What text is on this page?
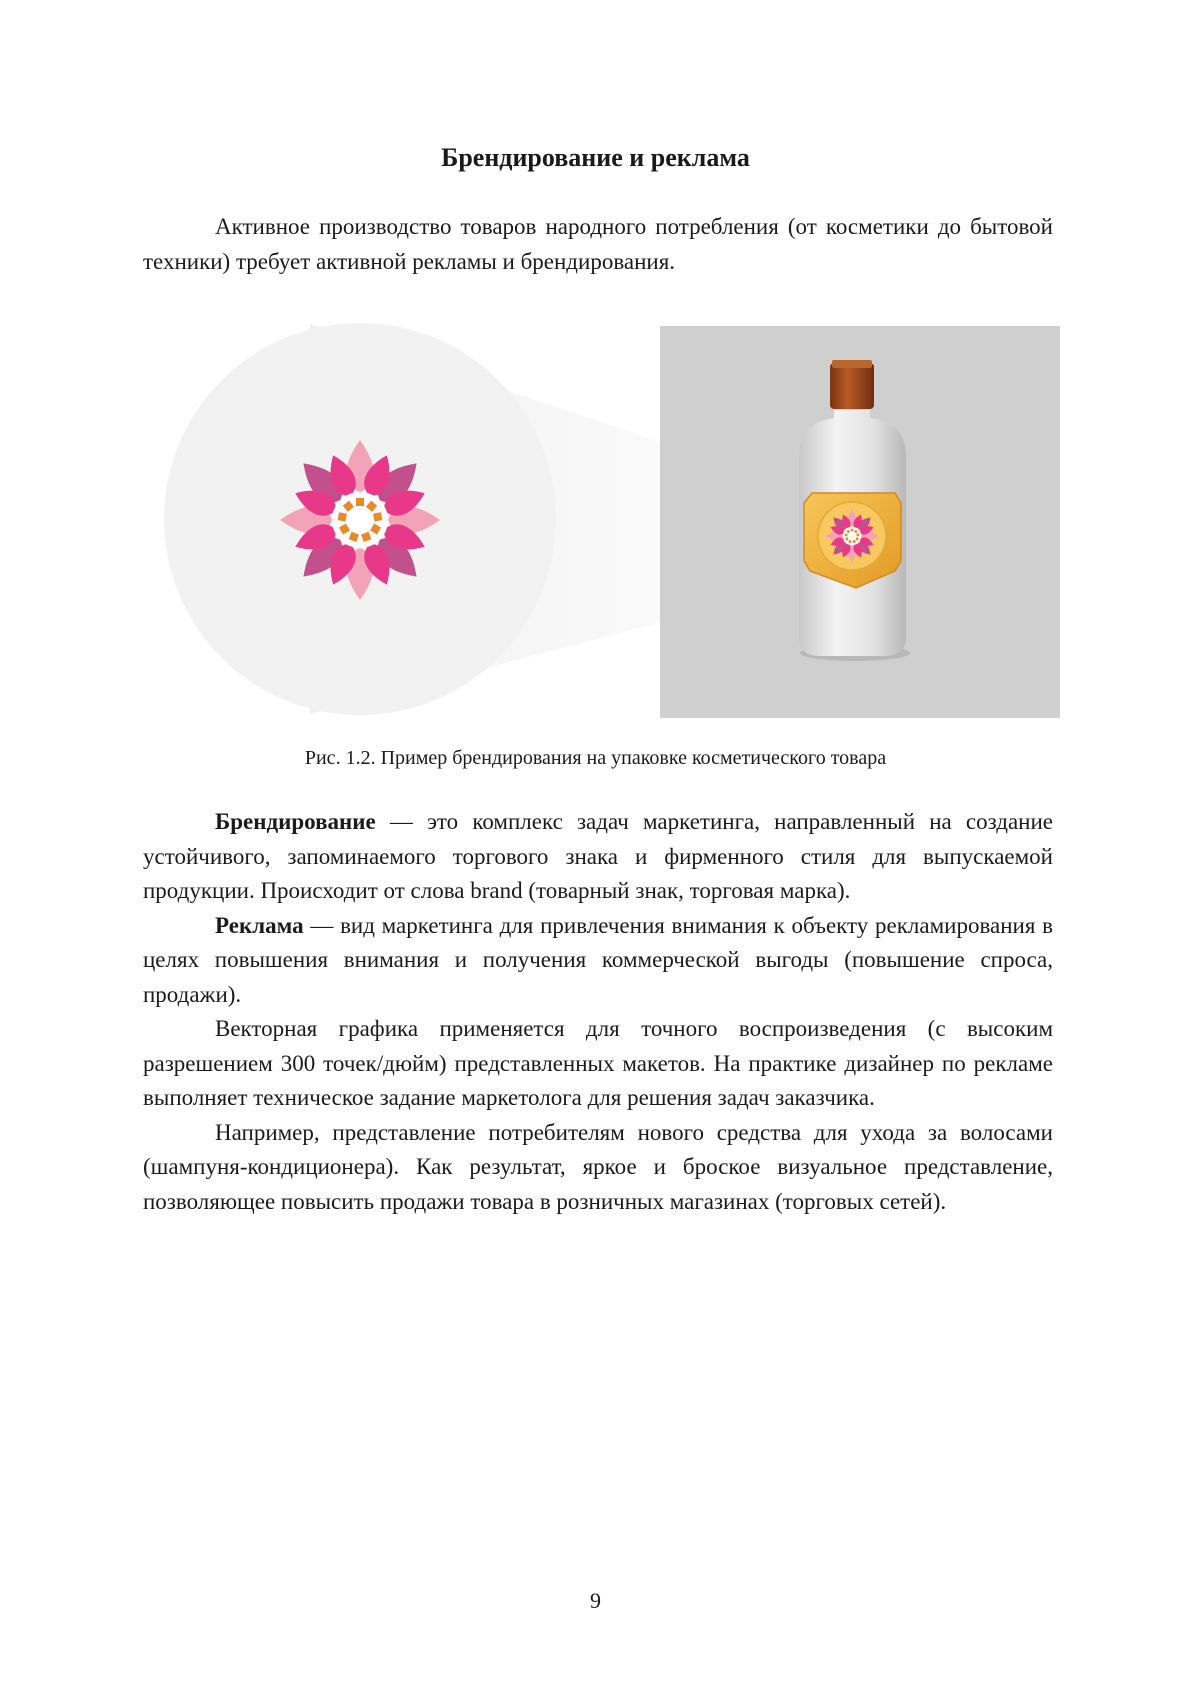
Брендирование и реклама

Активное производство товаров народного потребления (от косметики до бытовой техники) требует активной рекламы и брендирования.

Рис. 1.2. Пример брендирования на упаковке косметического товара

Брендирование — это комплекс задач маркетинга, направленный на создание устойчивого, запоминаемого торгового знака и фирменного стиля для выпускаемой продукции. Происходит от слова brand (товарный знак, торговая марка).

Реклама — вид маркетинга для привлечения внимания к объекту рекламирования в целях повышения внимания и получения коммерческой выгоды (повышение спроса, продажи).

Векторная графика применяется для точного воспроизведения (с высоким разрешением 300 точек/дюйм) представленных макетов. На практике дизайнер по рекламе выполняет техническое задание маркетолога для решения задач заказчика.

Например, представление потребителям нового средства для ухода за волосами (шампуня-кондиционера). Как результат, яркое и броское визуальное представление, позволяющее повысить продажи товара в розничных магазинах (торговых сетей).

9
